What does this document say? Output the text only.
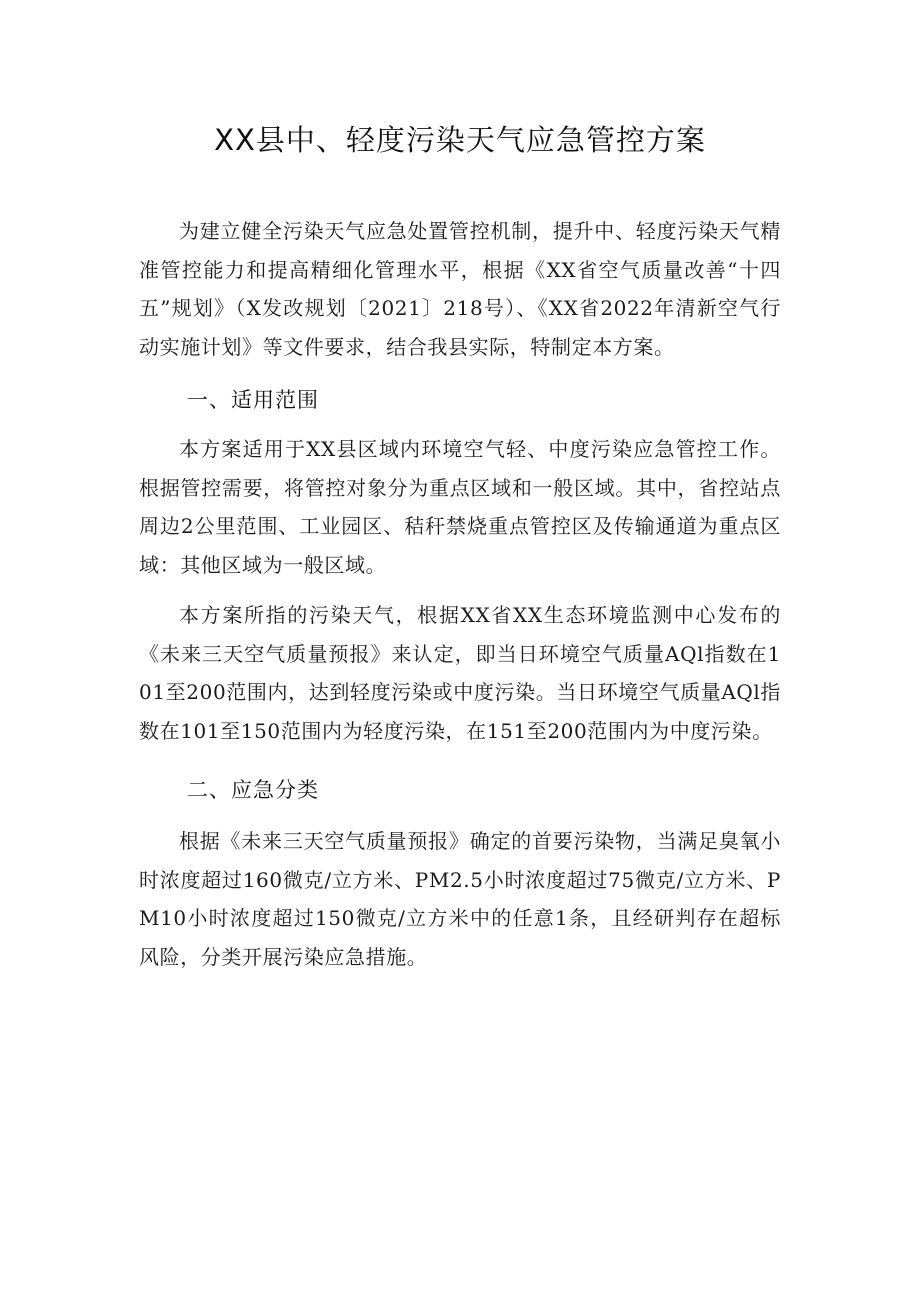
XX县中、轻度污染天气应急管控方案

为建立健全污染天气应急处置管控机制，提升中、轻度污染天气精准管控能力和提高精细化管理水平，根据《XX省空气质量改善“十四五”规划》（X发改规划〔2021〕218号）、《XX省2022年清新空气行动实施计划》等文件要求，结合我县实际，特制定本方案。

一、适用范围

本方案适用于XX县区域内环境空气轻、中度污染应急管控工作。根据管控需要，将管控对象分为重点区域和一般区域。其中，省控站点周边2公里范围、工业园区、秸秆禁烧重点管控区及传输通道为重点区域：其他区域为一般区域。

本方案所指的污染天气，根据XX省XX生态环境监测中心发布的《未来三天空气质量预报》来认定，即当日环境空气质量AQl指数在101至200范围内，达到轻度污染或中度污染。当日环境空气质量AQl指数在101至150范围内为轻度污染，在151至200范围内为中度污染。

二、应急分类

根据《未来三天空气质量预报》确定的首要污染物，当满足臭氧小时浓度超过160微克/立方米、PM2.5小时浓度超过75微克/立方米、PM10小时浓度超过150微克/立方米中的任意1条，且经研判存在超标风险，分类开展污染应急措施。
